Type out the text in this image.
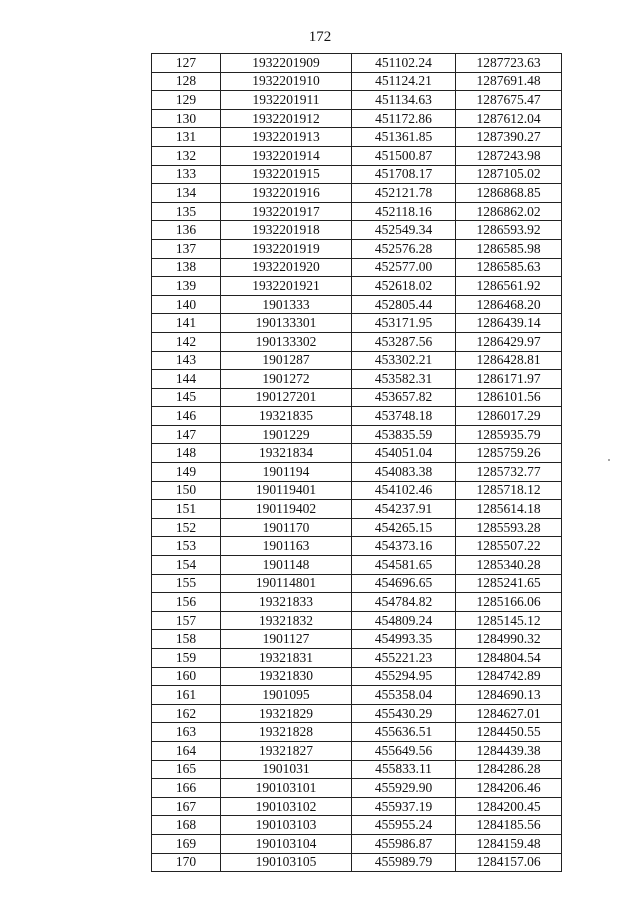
172
127	1932201909	451102.24	1287723.63
128	1932201910	451124.21	1287691.48
129	1932201911	451134.63	1287675.47
130	1932201912	451172.86	1287612.04
131	1932201913	451361.85	1287390.27
132	1932201914	451500.87	1287243.98
133	1932201915	451708.17	1287105.02
134	1932201916	452121.78	1286868.85
135	1932201917	452118.16	1286862.02
136	1932201918	452549.34	1286593.92
137	1932201919	452576.28	1286585.98
138	1932201920	452577.00	1286585.63
139	1932201921	452618.02	1286561.92
140	1901333	452805.44	1286468.20
141	190133301	453171.95	1286439.14
142	190133302	453287.56	1286429.97
143	1901287	453302.21	1286428.81
144	1901272	453582.31	1286171.97
145	190127201	453657.82	1286101.56
146	19321835	453748.18	1286017.29
147	1901229	453835.59	1285935.79
148	19321834	454051.04	1285759.26
149	1901194	454083.38	1285732.77
150	190119401	454102.46	1285718.12
151	190119402	454237.91	1285614.18
152	1901170	454265.15	1285593.28
153	1901163	454373.16	1285507.22
154	1901148	454581.65	1285340.28
155	190114801	454696.65	1285241.65
156	19321833	454784.82	1285166.06
157	19321832	454809.24	1285145.12
158	1901127	454993.35	1284990.32
159	19321831	455221.23	1284804.54
160	19321830	455294.95	1284742.89
161	1901095	455358.04	1284690.13
162	19321829	455430.29	1284627.01
163	19321828	455636.51	1284450.55
164	19321827	455649.56	1284439.38
165	1901031	455833.11	1284286.28
166	190103101	455929.90	1284206.46
167	190103102	455937.19	1284200.45
168	190103103	455955.24	1284185.56
169	190103104	455986.87	1284159.48
170	190103105	455989.79	1284157.06
